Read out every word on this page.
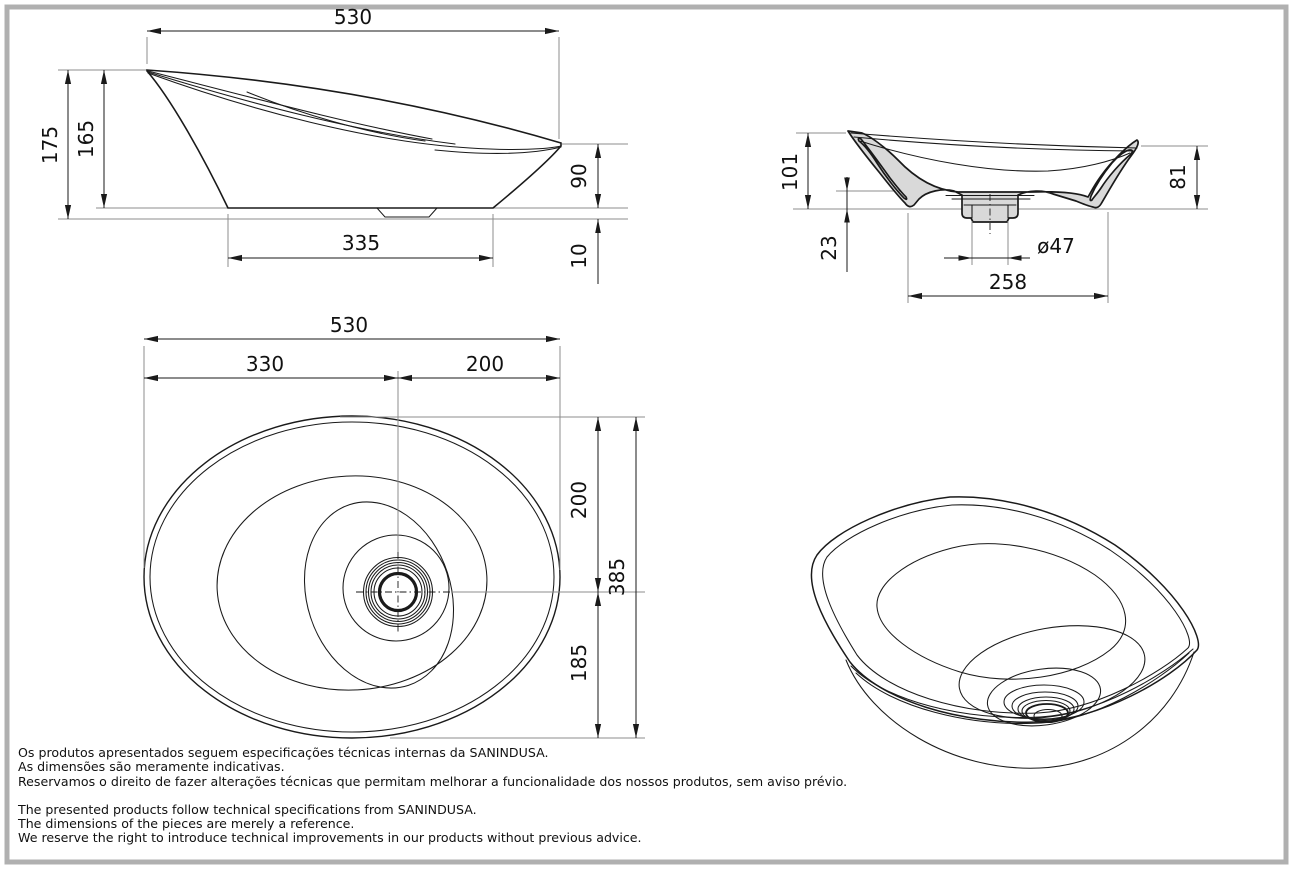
530
175 165
90
10
335
101
23
81
ø47
258
530
330	200
200
185
385
Os produtos apresentados seguem especificações técnicas internas da SANINDUSA.
As dimensões são meramente indicativas.
Reservamos o direito de fazer alterações técnicas que permitam melhorar a funcionalidade dos nossos produtos, sem aviso prévio.
The presented products follow technical specifications from SANINDUSA.
The dimensions of the pieces are merely a reference.
We reserve the right to introduce technical improvements in our products without previous advice.
